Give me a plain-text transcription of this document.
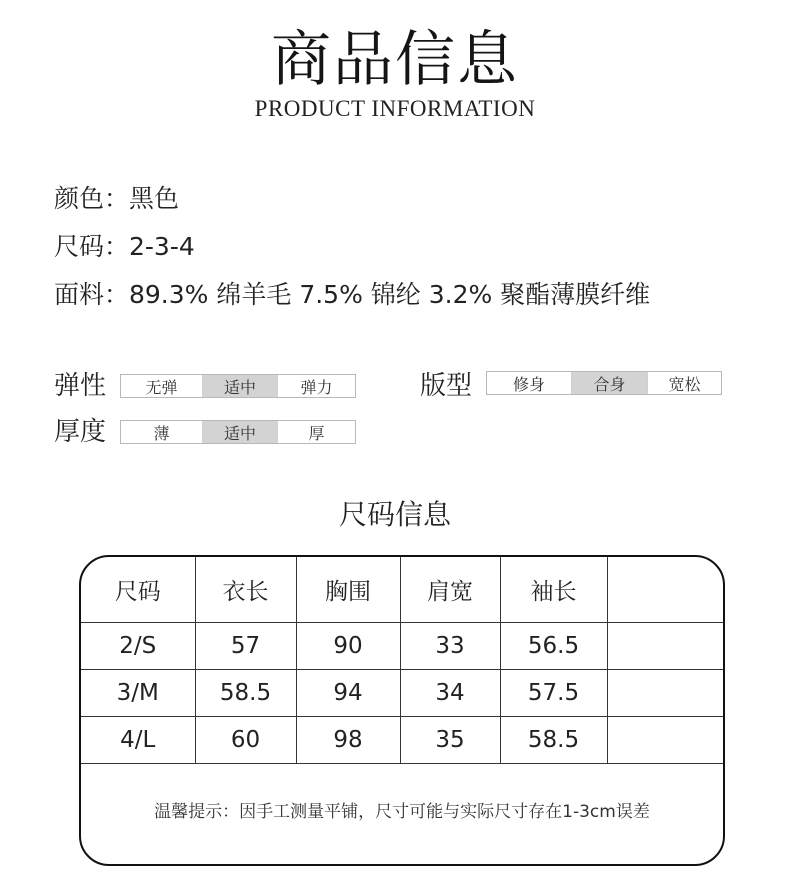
商品信息
PRODUCT INFORMATION
颜色：黑色
尺码：2-3-4
面料：89.3% 绵羊毛 7.5% 锦纶 3.2% 聚酯薄膜纤维
弹性	无弹	适中	弹力
厚度	薄	适中	厚
版型	修身	合身	宽松
尺码信息
尺码	衣长	胸围	肩宽	袖长	
2/S	57	90	33	56.5	
3/M	58.5	94	34	57.5	
4/L	60	98	35	58.5	
温馨提示：因手工测量平铺，尺寸可能与实际尺寸存在1-3cm误差
